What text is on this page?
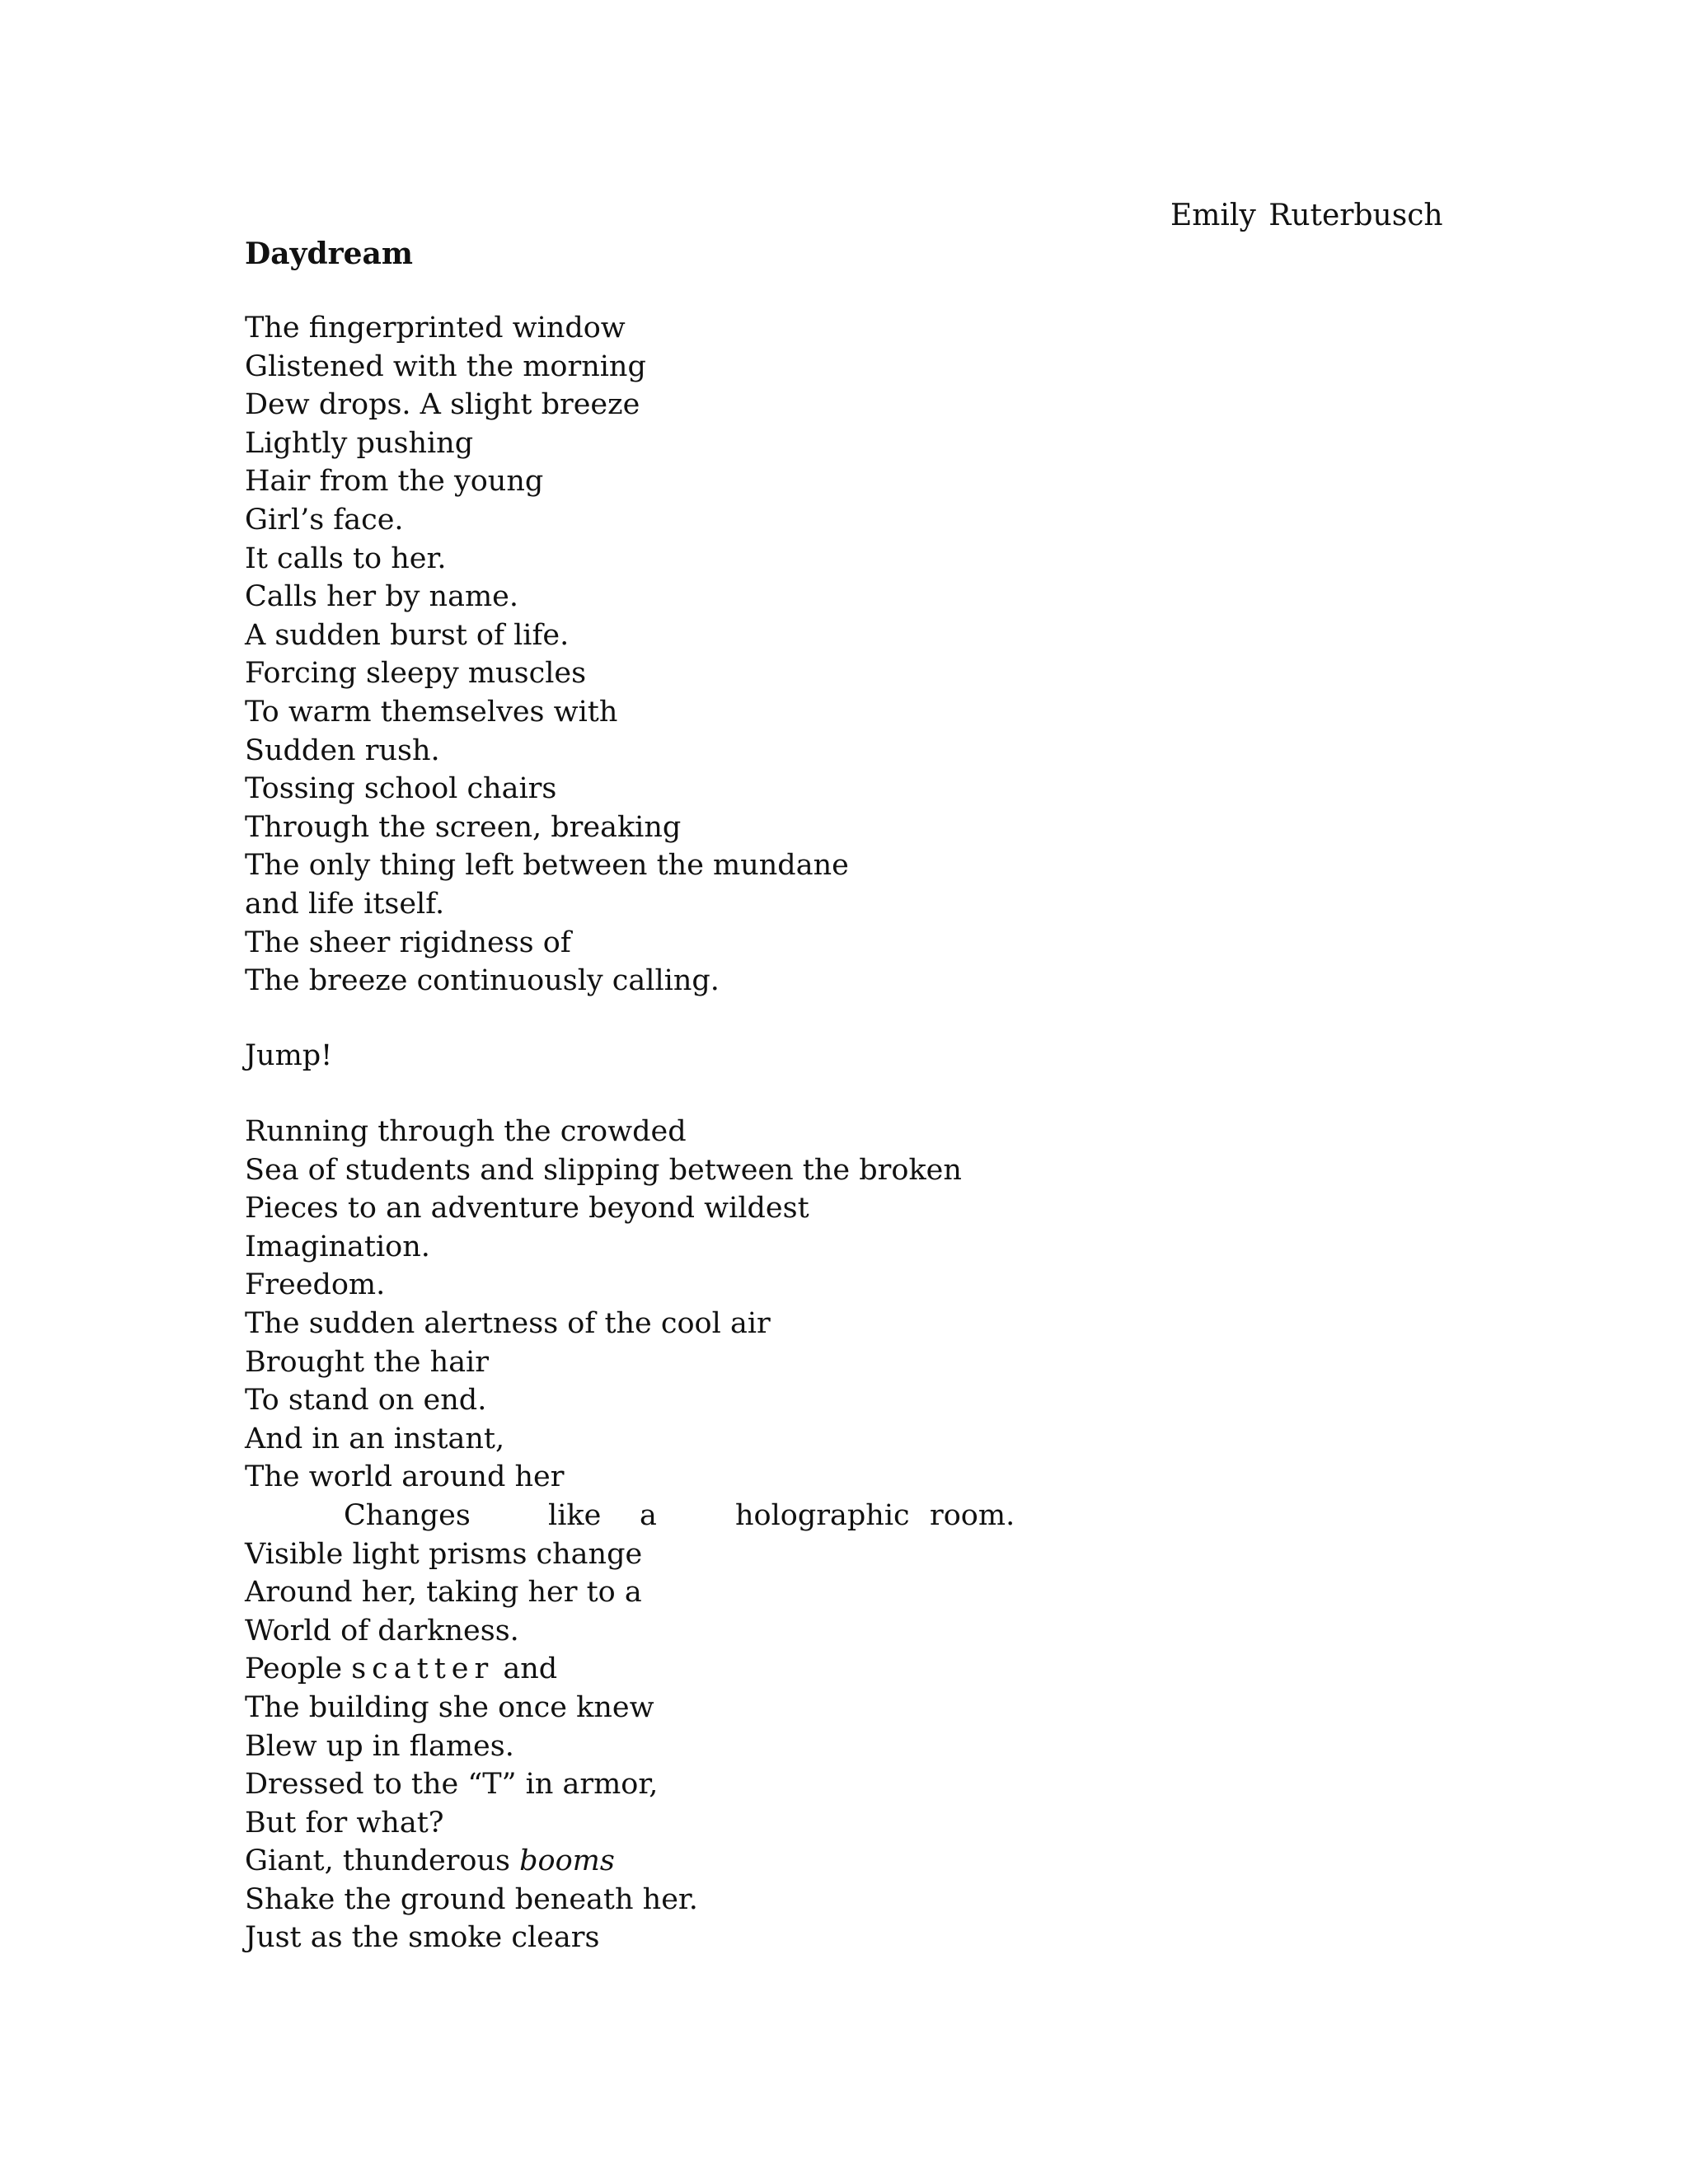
Emily Ruterbusch
Daydream
The fingerprinted window
Glistened with the morning
Dew drops. A slight breeze
Lightly pushing
Hair from the young
Girl’s face.
It calls to her.
Calls her by name.
A sudden burst of life.
Forcing sleepy muscles
To warm themselves with
Sudden rush.
Tossing school chairs
Through the screen, breaking
The only thing left between the mundane
and life itself.
The sheer rigidness of
The breeze continuously calling.
Jump!
Running through the crowded
Sea of students and slipping between the broken
Pieces to an adventure beyond wildest
Imagination.
Freedom.
The sudden alertness of the cool air
Brought the hair
To stand on end.
And in an instant,
The world around her
Changes	like a	holographic room.
Visible light prisms change
Around her, taking her to a
World of darkness.
People scatter and
The building she once knew
Blew up in flames.
Dressed to the “T” in armor,
But for what?
Giant, thunderous booms
Shake the ground beneath her.
Just as the smoke clears
